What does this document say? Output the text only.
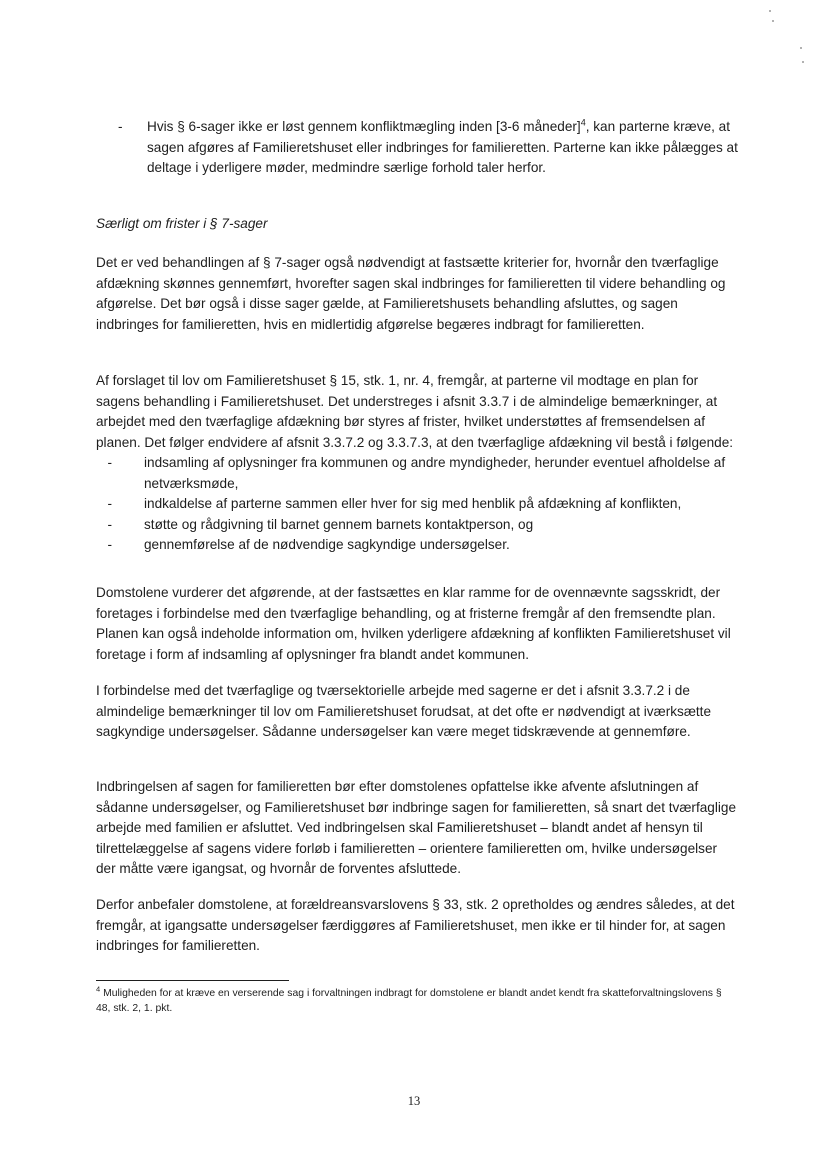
- Hvis § 6-sager ikke er løst gennem konfliktmægling inden [3-6 måneder]$^4$, kan parterne kræve, at sagen afgøres af Familieretshuset eller indbringes for familieretten. Parterne kan ikke pålægges at deltage i yderligere møder, medmindre særlige forhold taler herfor.
Særligt om frister i § 7-sager

Det er ved behandlingen af § 7-sager også nødvendigt at fastsætte kriterier for, hvornår den tværfaglige afdækning skønnes gennemført, hvorefter sagen skal indbringes for familieretten til videre behandling og afgørelse. Det bør også i disse sager gælde, at Familieretshusets behandling afsluttes, og sagen indbringes for familieretten, hvis en midlertidig afgørelse begæres indbragt for familieretten.

Af forslaget til lov om Familieretshuset § 15, stk. 1, nr. 4, fremgår, at parterne vil modtage en plan for sagens behandling i Familieretshuset. Det understreges i afsnit 3.3.7 i de almindelige bemærkninger, at arbejdet med den tværfaglige afdækning bør styres af frister, hvilket understøttes af fremsendelsen af planen. Det følger endvidere af afsnit 3.3.7.2 og 3.3.7.3, at den tværfaglige afdækning vil bestå i følgende:

-	indsamling af oplysninger fra kommunen og andre myndigheder, herunder eventuel afholdelse af netværksmøde,
-	indkaldelse af parterne sammen eller hver for sig med henblik på afdækning af konflikten,
-	støtte og rådgivning til barnet gennem barnets kontaktperson, og
-	gennemførelse af de nødvendige sagkyndige undersøgelser.

Domstolene vurderer det afgørende, at der fastsættes en klar ramme for de ovennævnte sagsskridt, der foretages i forbindelse med den tværfaglige behandling, og at fristerne fremgår af den fremsendte plan. Planen kan også indeholde information om, hvilken yderligere afdækning af konflikten Familieretshuset vil foretage i form af indsamling af oplysninger fra blandt andet kommunen.

I forbindelse med det tværfaglige og tværsektorielle arbejde med sagerne er det i afsnit 3.3.7.2 i de almindelige bemærkninger til lov om Familieretshuset forudsat, at det ofte er nødvendigt at iværksætte sagkyndige undersøgelser. Sådanne undersøgelser kan være meget tidskrævende at gennemføre.

Indbringelsen af sagen for familieretten bør efter domstolenes opfattelse ikke afvente afslutningen af sådanne undersøgelser, og Familieretshuset bør indbringe sagen for familieretten, så snart det tværfaglige arbejde med familien er afsluttet. Ved indbringelsen skal Familieretshuset – blandt andet af hensyn til tilrettelæggelse af sagens videre forløb i familieretten – orientere familieretten om, hvilke undersøgelser der måtte være igangsat, og hvornår de forventes afsluttede.

Derfor anbefaler domstolene, at forældreansvarslovens § 33, stk. 2 opretholdes og ændres således, at det fremgår, at igangsatte undersøgelser færdiggøres af Familieretshuset, men ikke er til hinder for, at sagen indbringes for familieretten.

$^4$ Muligheden for at kræve en verserende sag i forvaltningen indbragt for domstolene er blandt andet kendt fra skatteforvaltningslovens § 48, stk. 2, 1. pkt.
13
